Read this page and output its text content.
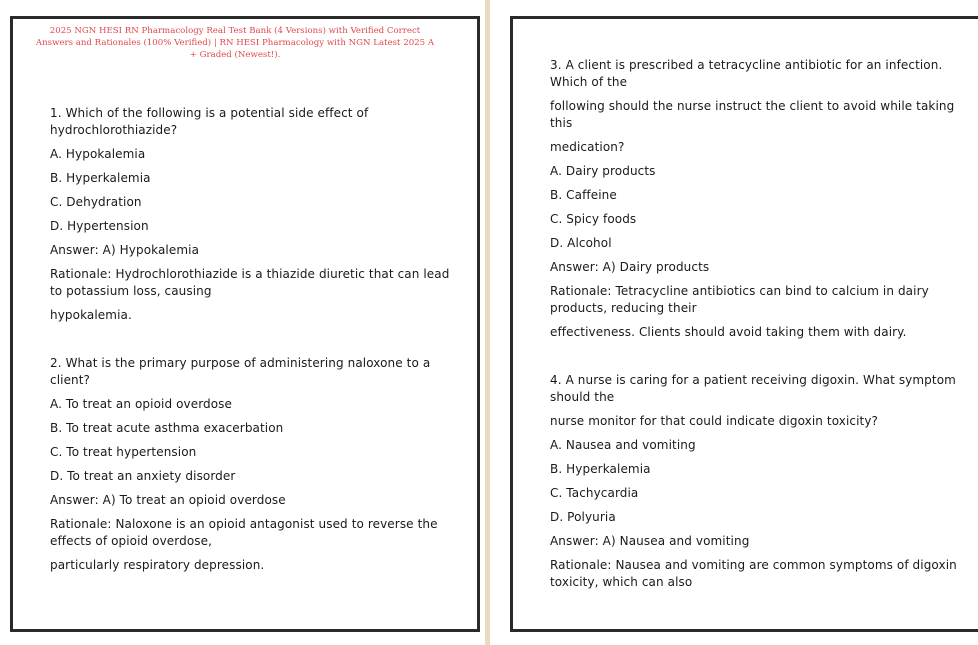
2025 NGN HESI RN Pharmacology Real Test Bank (4 Versions) with Verified Correct Answers and Rationales (100% Verified) | RN HESI Pharmacology with NGN Latest 2025 A + Graded (Newest!).
1. Which of the following is a potential side effect of hydrochlorothiazide?
A. Hypokalemia
B. Hyperkalemia
C. Dehydration
D. Hypertension
Answer: A) Hypokalemia
Rationale: Hydrochlorothiazide is a thiazide diuretic that can lead to potassium loss, causing
hypokalemia.
2. What is the primary purpose of administering naloxone to a client?
A. To treat an opioid overdose
B. To treat acute asthma exacerbation
C. To treat hypertension
D. To treat an anxiety disorder
Answer: A) To treat an opioid overdose
Rationale: Naloxone is an opioid antagonist used to reverse the effects of opioid overdose,
particularly respiratory depression.
3. A client is prescribed a tetracycline antibiotic for an infection. Which of the
following should the nurse instruct the client to avoid while taking this
medication?
A. Dairy products
B. Caffeine
C. Spicy foods
D. Alcohol
Answer: A) Dairy products
Rationale: Tetracycline antibiotics can bind to calcium in dairy products, reducing their
effectiveness. Clients should avoid taking them with dairy.
4. A nurse is caring for a patient receiving digoxin. What symptom should the
nurse monitor for that could indicate digoxin toxicity?
A. Nausea and vomiting
B. Hyperkalemia
C. Tachycardia
D. Polyuria
Answer: A) Nausea and vomiting
Rationale: Nausea and vomiting are common symptoms of digoxin toxicity, which can also
